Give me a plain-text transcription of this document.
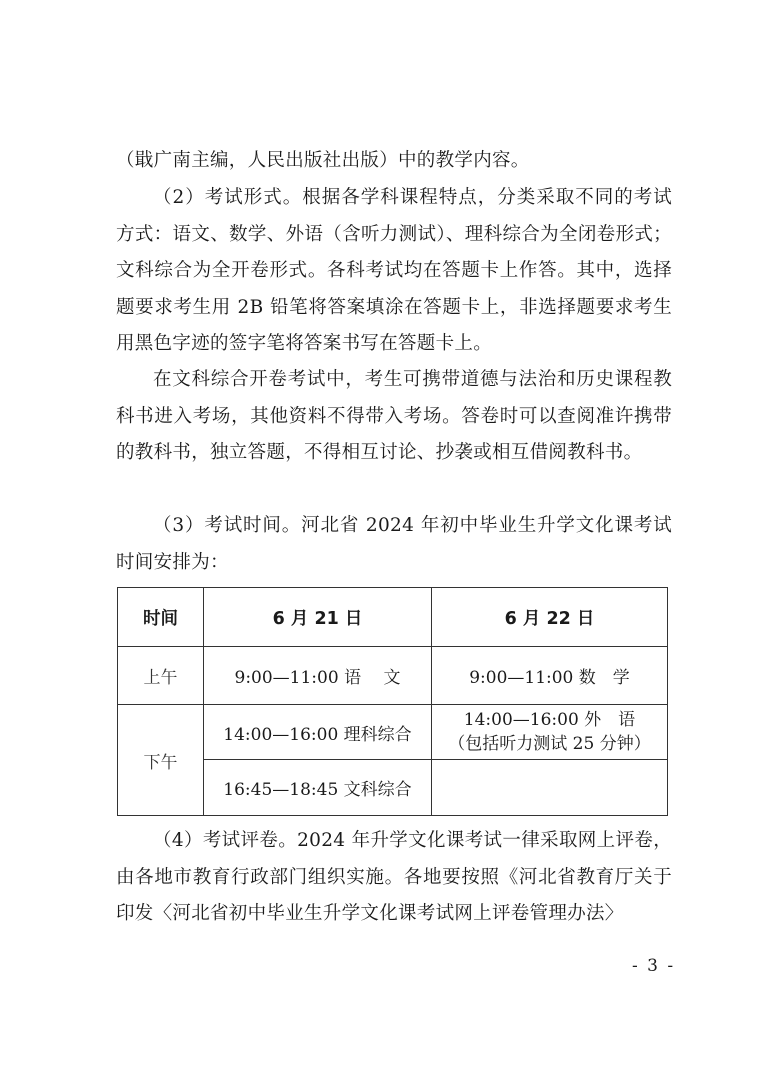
（戢广南主编，人民出版社出版）中的教学内容。

（2）考试形式。根据各学科课程特点，分类采取不同的考试方式：语文、数学、外语（含听力测试）、理科综合为全闭卷形式；文科综合为全开卷形式。各科考试均在答题卡上作答。其中，选择题要求考生用 2B 铅笔将答案填涂在答题卡上，非选择题要求考生用黑色字迹的签字笔将答案书写在答题卡上。

在文科综合开卷考试中，考生可携带道德与法治和历史课程教科书进入考场，其他资料不得带入考场。答卷时可以查阅准许携带的教科书，独立答题，不得相互讨论、抄袭或相互借阅教科书。

（3）考试时间。河北省 2024 年初中毕业生升学文化课考试时间安排为：

时间	6 月 21 日	6 月 22 日
上午	9:00—11:00 语　 文	9:00—11:00 数　学
下午	14:00—16:00 理科综合	14:00—16:00 外　语
（包括听力测试 25 分钟）

	16:45—18:45 文科综合	

（4）考试评卷。2024 年升学文化课考试一律采取网上评卷，由各地市教育行政部门组织实施。各地要按照《河北省教育厅关于印发〈河北省初中毕业生升学文化课考试网上评卷管理办法〉

- 3 -
